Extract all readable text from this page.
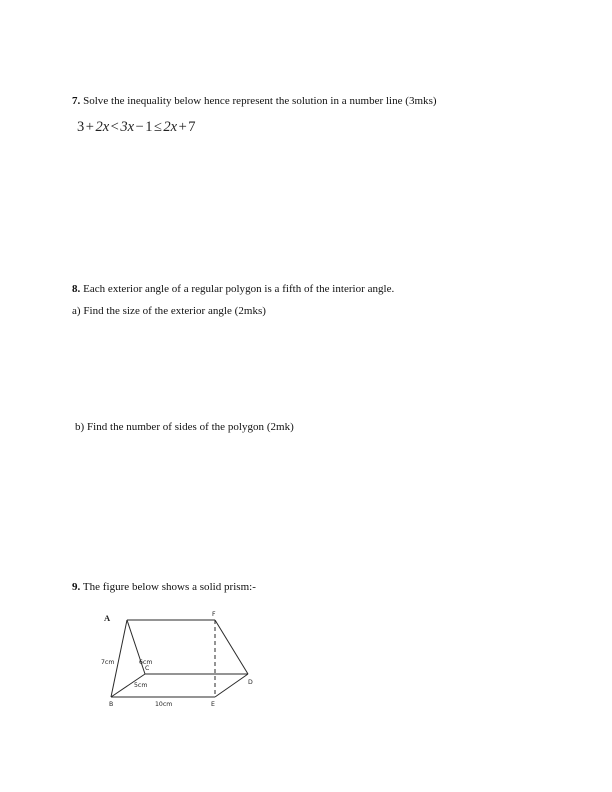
7. Solve the inequality below hence represent the solution in a number line (3mks)
3 + 2x < 3x − 1 ≤ 2x + 7
8. Each exterior angle of a regular polygon is a fifth of the interior angle.
a) Find the size of the exterior angle (2mks)
b) Find the number of sides of the polygon (2mk)
9. The figure below shows a solid prism:-
A
B
C
D
E
F
7cm	6cm
5cm
10cm
